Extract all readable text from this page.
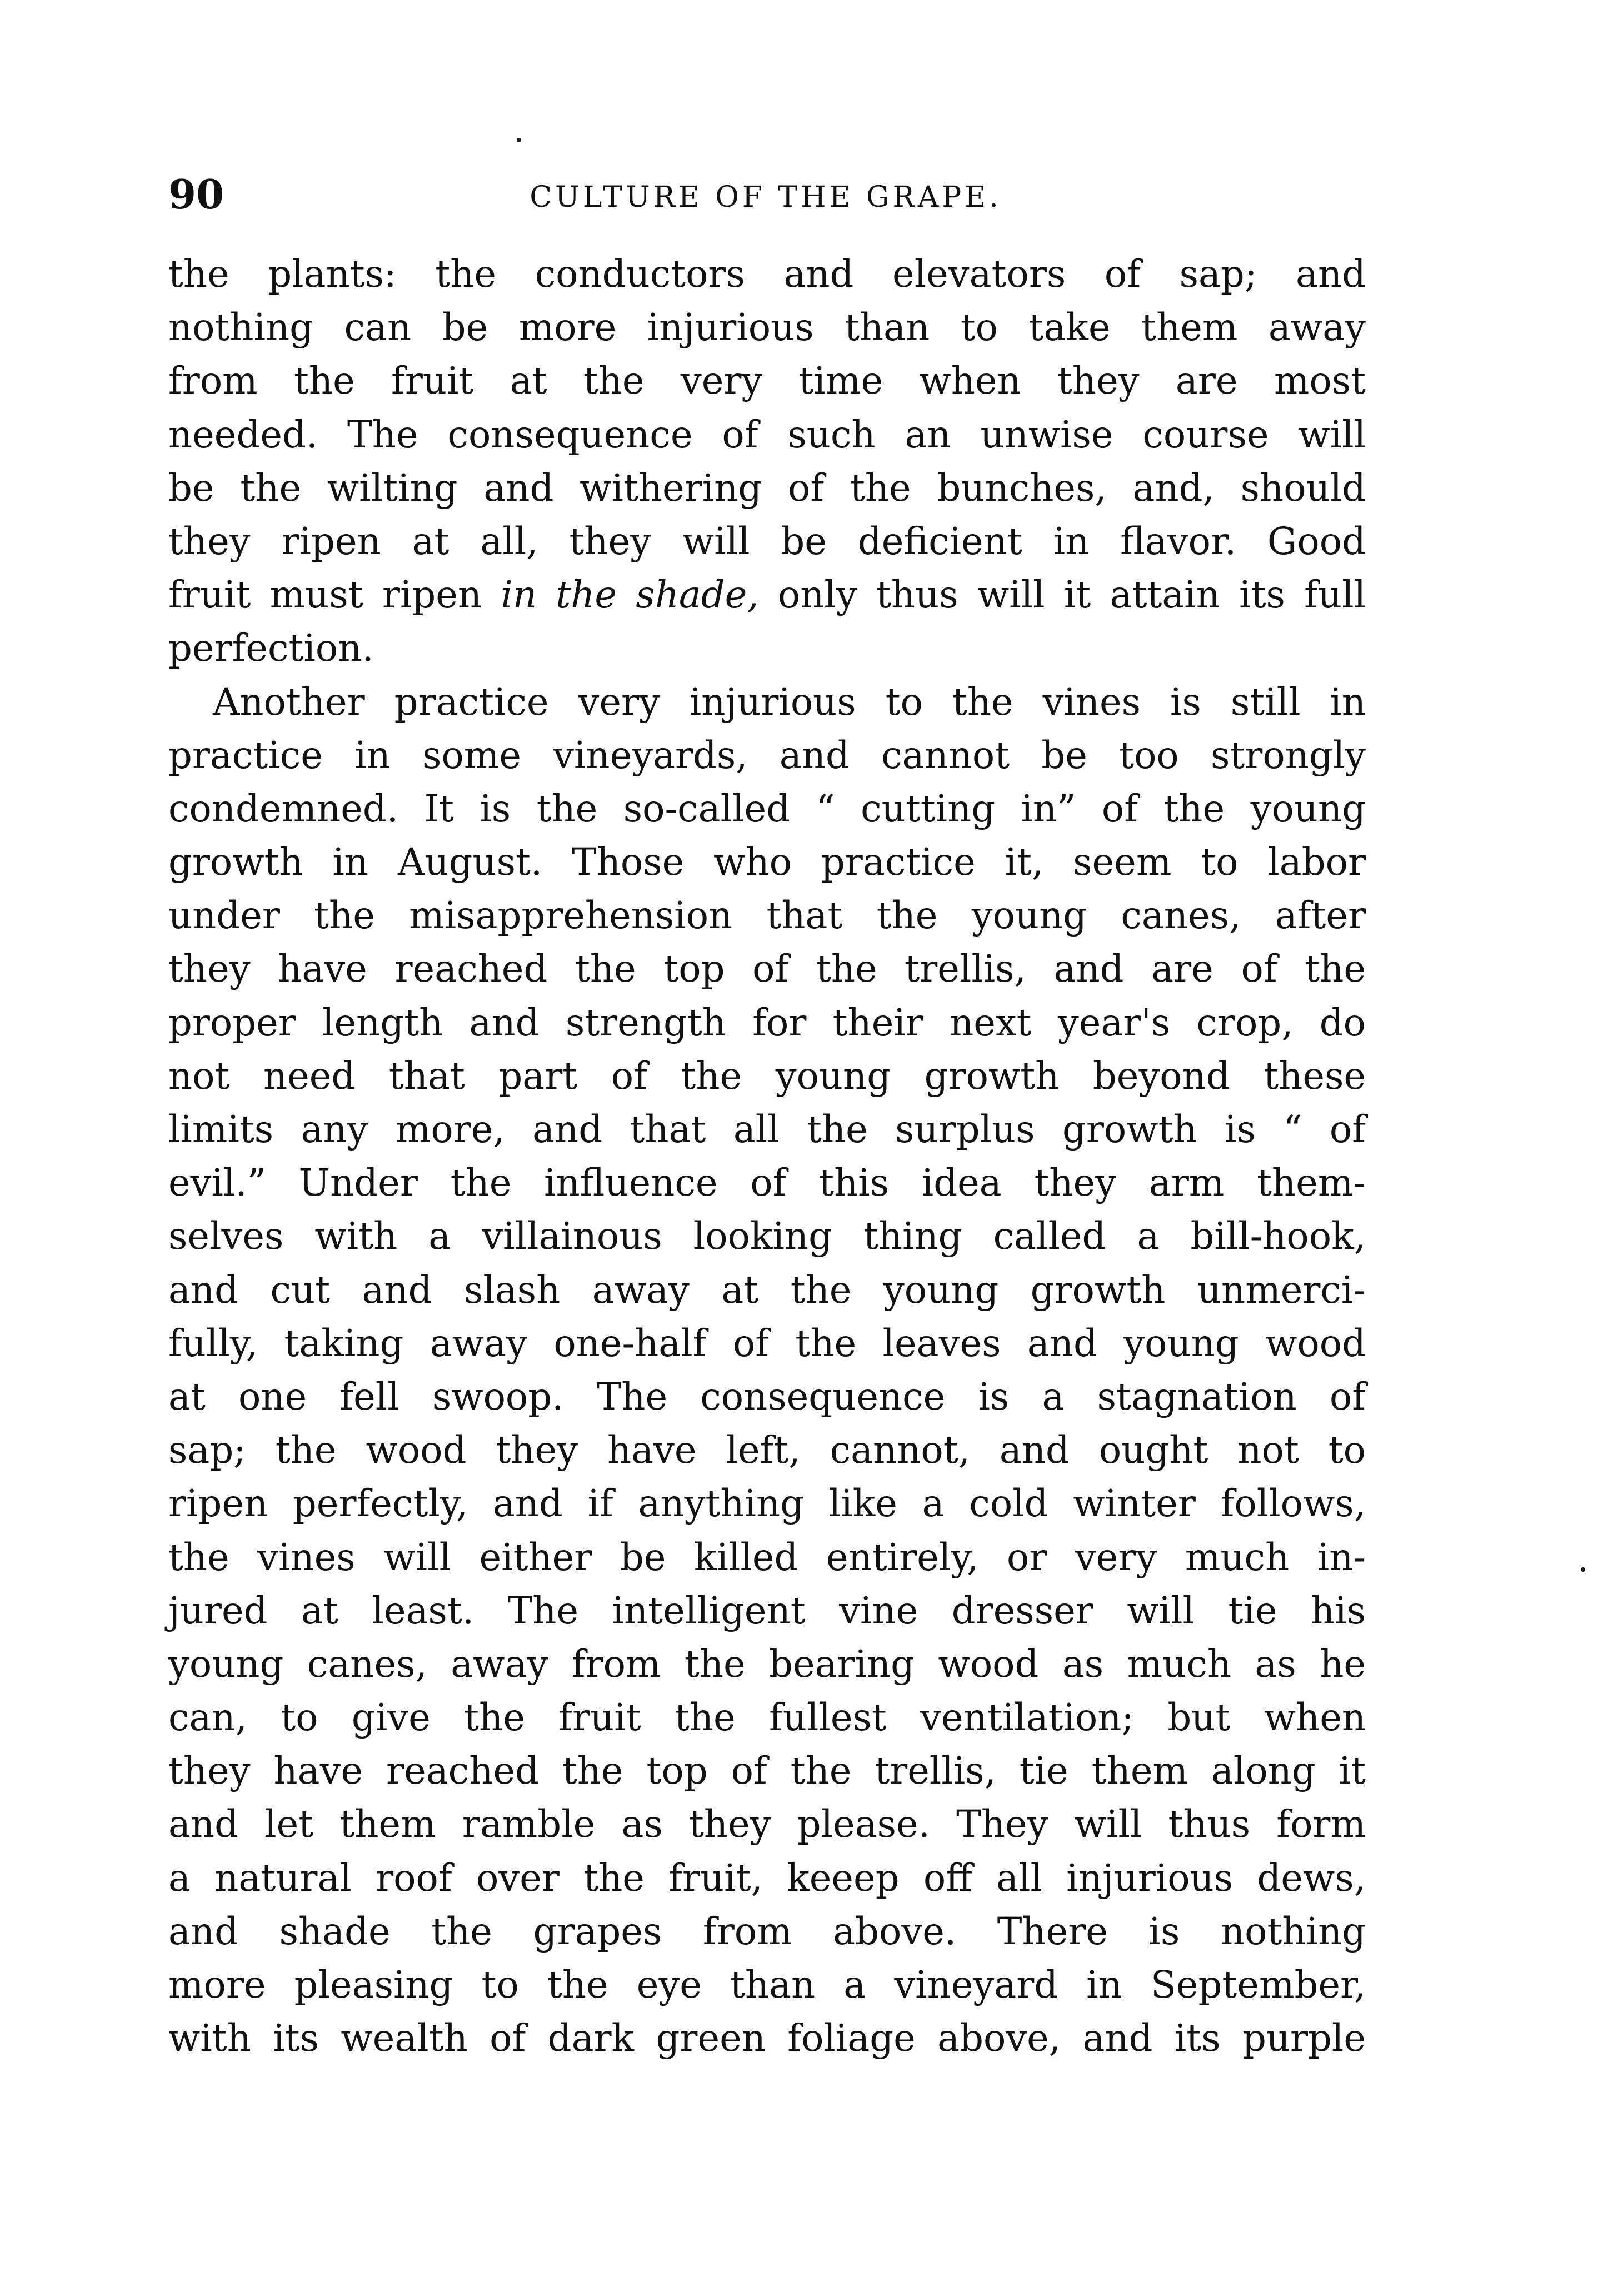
90	CULTURE OF THE GRAPE.
the plants: the conductors and elevators of sap; and
nothing can be more injurious than to take them away
from the fruit at the very time when they are most
needed. The consequence of such an unwise course will
be the wilting and withering of the bunches, and, should
they ripen at all, they will be deficient in flavor. Good
fruit must ripen in the shade, only thus will it attain its full
perfection.
Another practice very injurious to the vines is still in
practice in some vineyards, and cannot be too strongly
condemned. It is the so-called “ cutting in” of the young
growth in August. Those who practice it, seem to labor
under the misapprehension that the young canes, after
they have reached the top of the trellis, and are of the
proper length and strength for their next year's crop, do
not need that part of the young growth beyond these
limits any more, and that all the surplus growth is “ of
evil.” Under the influence of this idea they arm them-
selves with a villainous looking thing called a bill-hook,
and cut and slash away at the young growth unmerci-
fully, taking away one-half of the leaves and young wood
at one fell swoop. The consequence is a stagnation of
sap; the wood they have left, cannot, and ought not to
ripen perfectly, and if anything like a cold winter follows,
the vines will either be killed entirely, or very much in-
jured at least. The intelligent vine dresser will tie his
young canes, away from the bearing wood as much as he
can, to give the fruit the fullest ventilation; but when
they have reached the top of the trellis, tie them along it
and let them ramble as they please. They will thus form
a natural roof over the fruit, keeep off all injurious dews,
and shade the grapes from above. There is nothing
more pleasing to the eye than a vineyard in September,
with its wealth of dark green foliage above, and its purple
